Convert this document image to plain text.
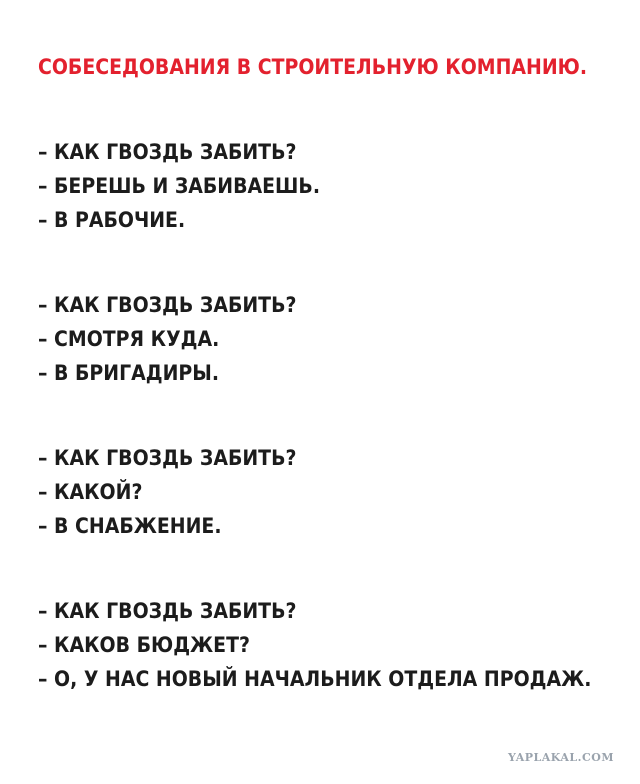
СОБЕСЕДОВАНИЯ В СТРОИТЕЛЬНУЮ КОМПАНИЮ.
– КАК ГВОЗДЬ ЗАБИТЬ?
– БЕРЕШЬ И ЗАБИВАЕШЬ.
– В РАБОЧИЕ.
– КАК ГВОЗДЬ ЗАБИТЬ?
– СМОТРЯ КУДА.
– В БРИГАДИРЫ.
– КАК ГВОЗДЬ ЗАБИТЬ?
– КАКОЙ?
– В СНАБЖЕНИЕ.
– КАК ГВОЗДЬ ЗАБИТЬ?
– КАКОВ БЮДЖЕТ?
– О, У НАС НОВЫЙ НАЧАЛЬНИК ОТДЕЛА ПРОДАЖ.
YAPLAKAL.COM
